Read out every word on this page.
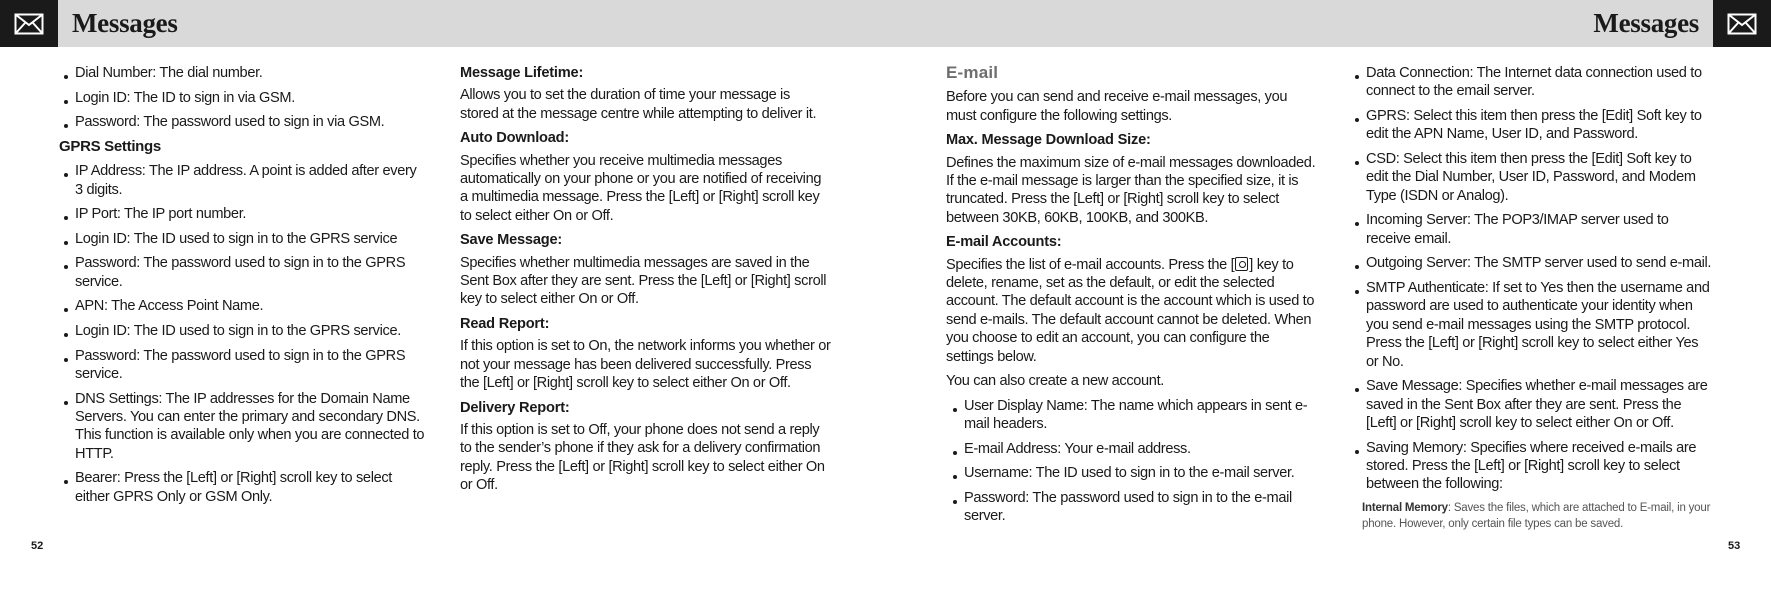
Messages	Messages
Dial Number: The dial number.
Login ID: The ID to sign in via GSM.
Password: The password used to sign in via GSM.
GPRS Settings
IP Address: The IP address. A point is added after every 3 digits.
IP Port: The IP port number.
Login ID: The ID used to sign in to the GPRS service
Password: The password used to sign in to the GPRS service.
APN: The Access Point Name.
Login ID: The ID used to sign in to the GPRS service.
Password: The password used to sign in to the GPRS service.
DNS Settings: The IP addresses for the Domain Name Servers. You can enter the primary and secondary DNS. This function is available only when you are connected to HTTP.
Bearer: Press the [Left] or [Right] scroll key to select either GPRS Only or GSM Only.
Message Lifetime:
Allows you to set the duration of time your message is stored at the message centre while attempting to deliver it.
Auto Download:
Specifies whether you receive multimedia messages automatically on your phone or you are notified of receiving a multimedia message. Press the [Left] or [Right] scroll key to select either On or Off.
Save Message:
Specifies whether multimedia messages are saved in the Sent Box after they are sent. Press the [Left] or [Right] scroll key to select either On or Off.
Read Report:
If this option is set to On, the network informs you whether or not your message has been delivered successfully. Press the [Left] or [Right] scroll key to select either On or Off.
Delivery Report:
If this option is set to Off, your phone does not send a reply to the sender’s phone if they ask for a delivery confirmation reply. Press the [Left] or [Right] scroll key to select either On or Off.
E-mail

Before you can send and receive e-mail messages, you must configure the following settings.

Max. Message Download Size:
Defines the maximum size of e-mail messages downloaded. If the e-mail message is larger than the specified size, it is truncated. Press the [Left] or [Right] scroll key to select between 30KB, 60KB, 100KB, and 300KB.
E-mail Accounts:
Specifies the list of e-mail accounts. Press the [ ] key to delete, rename, set as the default, or edit the selected account. The default account is the account which is used to send e-mails. The default account cannot be deleted. When you choose to edit an account, you can configure the settings below.

You can also create a new account.

User Display Name: The name which appears in sent e-mail headers.
E-mail Address: Your e-mail address.
Username: The ID used to sign in to the e-mail server.
Password: The password used to sign in to the e-mail server.
Data Connection: The Internet data connection used to connect to the email server.
GPRS: Select this item then press the [Edit] Soft key to edit the APN Name, User ID, and Password.
CSD: Select this item then press the [Edit] Soft key to edit the Dial Number, User ID, Password, and Modem Type (ISDN or Analog).
Incoming Server: The POP3/IMAP server used to receive email.
Outgoing Server: The SMTP server used to send e-mail.
SMTP Authenticate: If set to Yes then the username and password are used to authenticate your identity when you send e-mail messages using the SMTP protocol. Press the [Left] or [Right] scroll key to select either Yes or No.
Save Message: Specifies whether e-mail messages are saved in the Sent Box after they are sent. Press the [Left] or [Right] scroll key to select either On or Off.
Saving Memory: Specifies where received e-mails are stored. Press the [Left] or [Right] scroll key to select between the following:
Internal Memory: Saves the files, which are attached to E-mail, in your phone. However, only certain file types can be saved.
52	53
